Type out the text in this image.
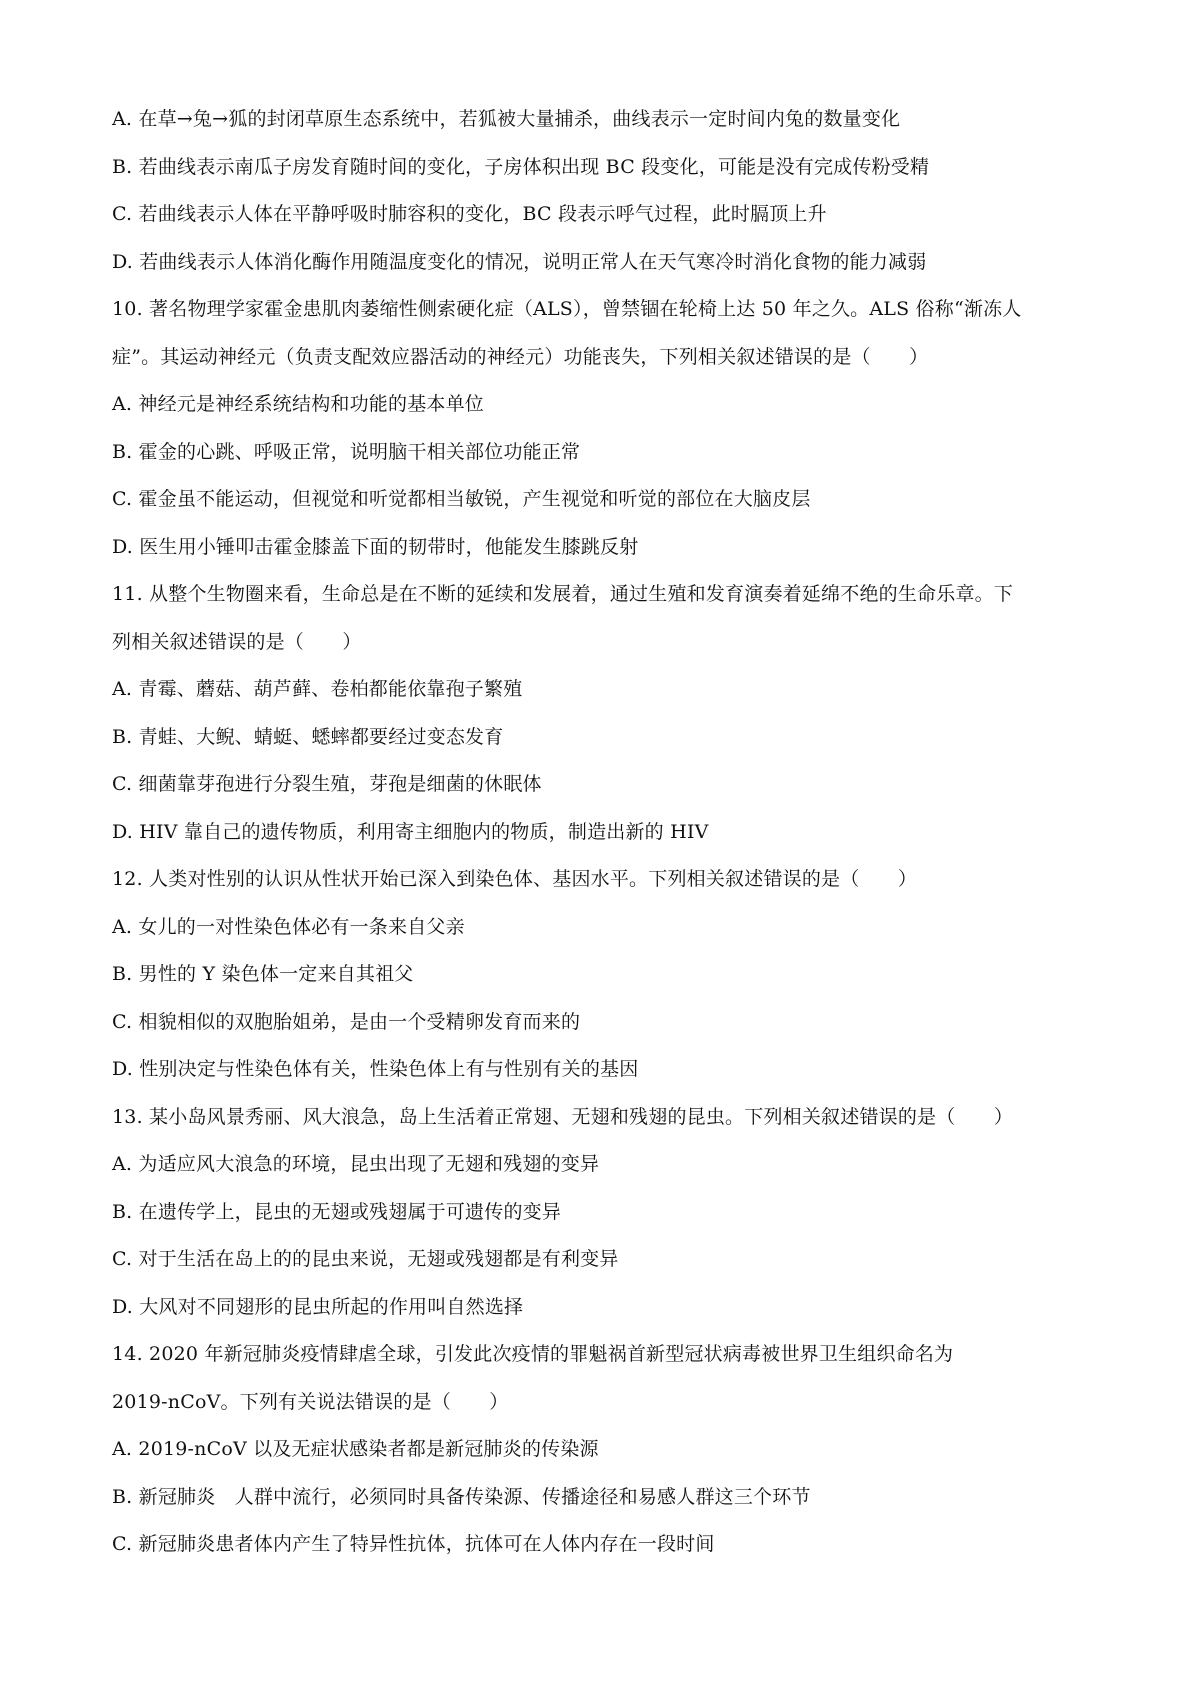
A. 在草→兔→狐的封闭草原生态系统中，若狐被大量捕杀，曲线表示一定时间内兔的数量变化
B. 若曲线表示南瓜子房发育随时间的变化，子房体积出现 BC 段变化，可能是没有完成传粉受精
C. 若曲线表示人体在平静呼吸时肺容积的变化，BC 段表示呼气过程，此时膈顶上升
D. 若曲线表示人体消化酶作用随温度变化的情况，说明正常人在天气寒冷时消化食物的能力减弱
10. 著名物理学家霍金患肌肉萎缩性侧索硬化症（ALS），曾禁锢在轮椅上达 50 年之久。ALS 俗称“渐冻人
症”。其运动神经元（负责支配效应器活动的神经元）功能丧失，下列相关叙述错误的是（　　）
A. 神经元是神经系统结构和功能的基本单位
B. 霍金的心跳、呼吸正常，说明脑干相关部位功能正常
C. 霍金虽不能运动，但视觉和听觉都相当敏锐，产生视觉和听觉的部位在大脑皮层
D. 医生用小锤叩击霍金膝盖下面的韧带时，他能发生膝跳反射
11. 从整个生物圈来看，生命总是在不断的延续和发展着，通过生殖和发育演奏着延绵不绝的生命乐章。下
列相关叙述错误的是（　　）
A. 青霉、蘑菇、葫芦藓、卷柏都能依靠孢子繁殖
B. 青蛙、大鲵、蜻蜓、蟋蟀都要经过变态发育
C. 细菌靠芽孢进行分裂生殖，芽孢是细菌的休眠体
D. HIV 靠自己的遗传物质，利用寄主细胞内的物质，制造出新的 HIV
12. 人类对性别的认识从性状开始已深入到染色体、基因水平。下列相关叙述错误的是（　　）
A. 女儿的一对性染色体必有一条来自父亲
B. 男性的 Y 染色体一定来自其祖父
C. 相貌相似的双胞胎姐弟，是由一个受精卵发育而来的
D. 性别决定与性染色体有关，性染色体上有与性别有关的基因
13. 某小岛风景秀丽、风大浪急，岛上生活着正常翅、无翅和残翅的昆虫。下列相关叙述错误的是（　　）
A. 为适应风大浪急的环境，昆虫出现了无翅和残翅的变异
B. 在遗传学上，昆虫的无翅或残翅属于可遗传的变异
C. 对于生活在岛上的的昆虫来说，无翅或残翅都是有利变异
D. 大风对不同翅形的昆虫所起的作用叫自然选择
14. 2020 年新冠肺炎疫情肆虐全球，引发此次疫情的罪魁祸首新型冠状病毒被世界卫生组织命名为
2019-nCoV。下列有关说法错误的是（　　）
A. 2019-nCoV 以及无症状感染者都是新冠肺炎的传染源
B. 新冠肺炎　人群中流行，必须同时具备传染源、传播途径和易感人群这三个环节
C. 新冠肺炎患者体内产生了特异性抗体，抗体可在人体内存在一段时间
